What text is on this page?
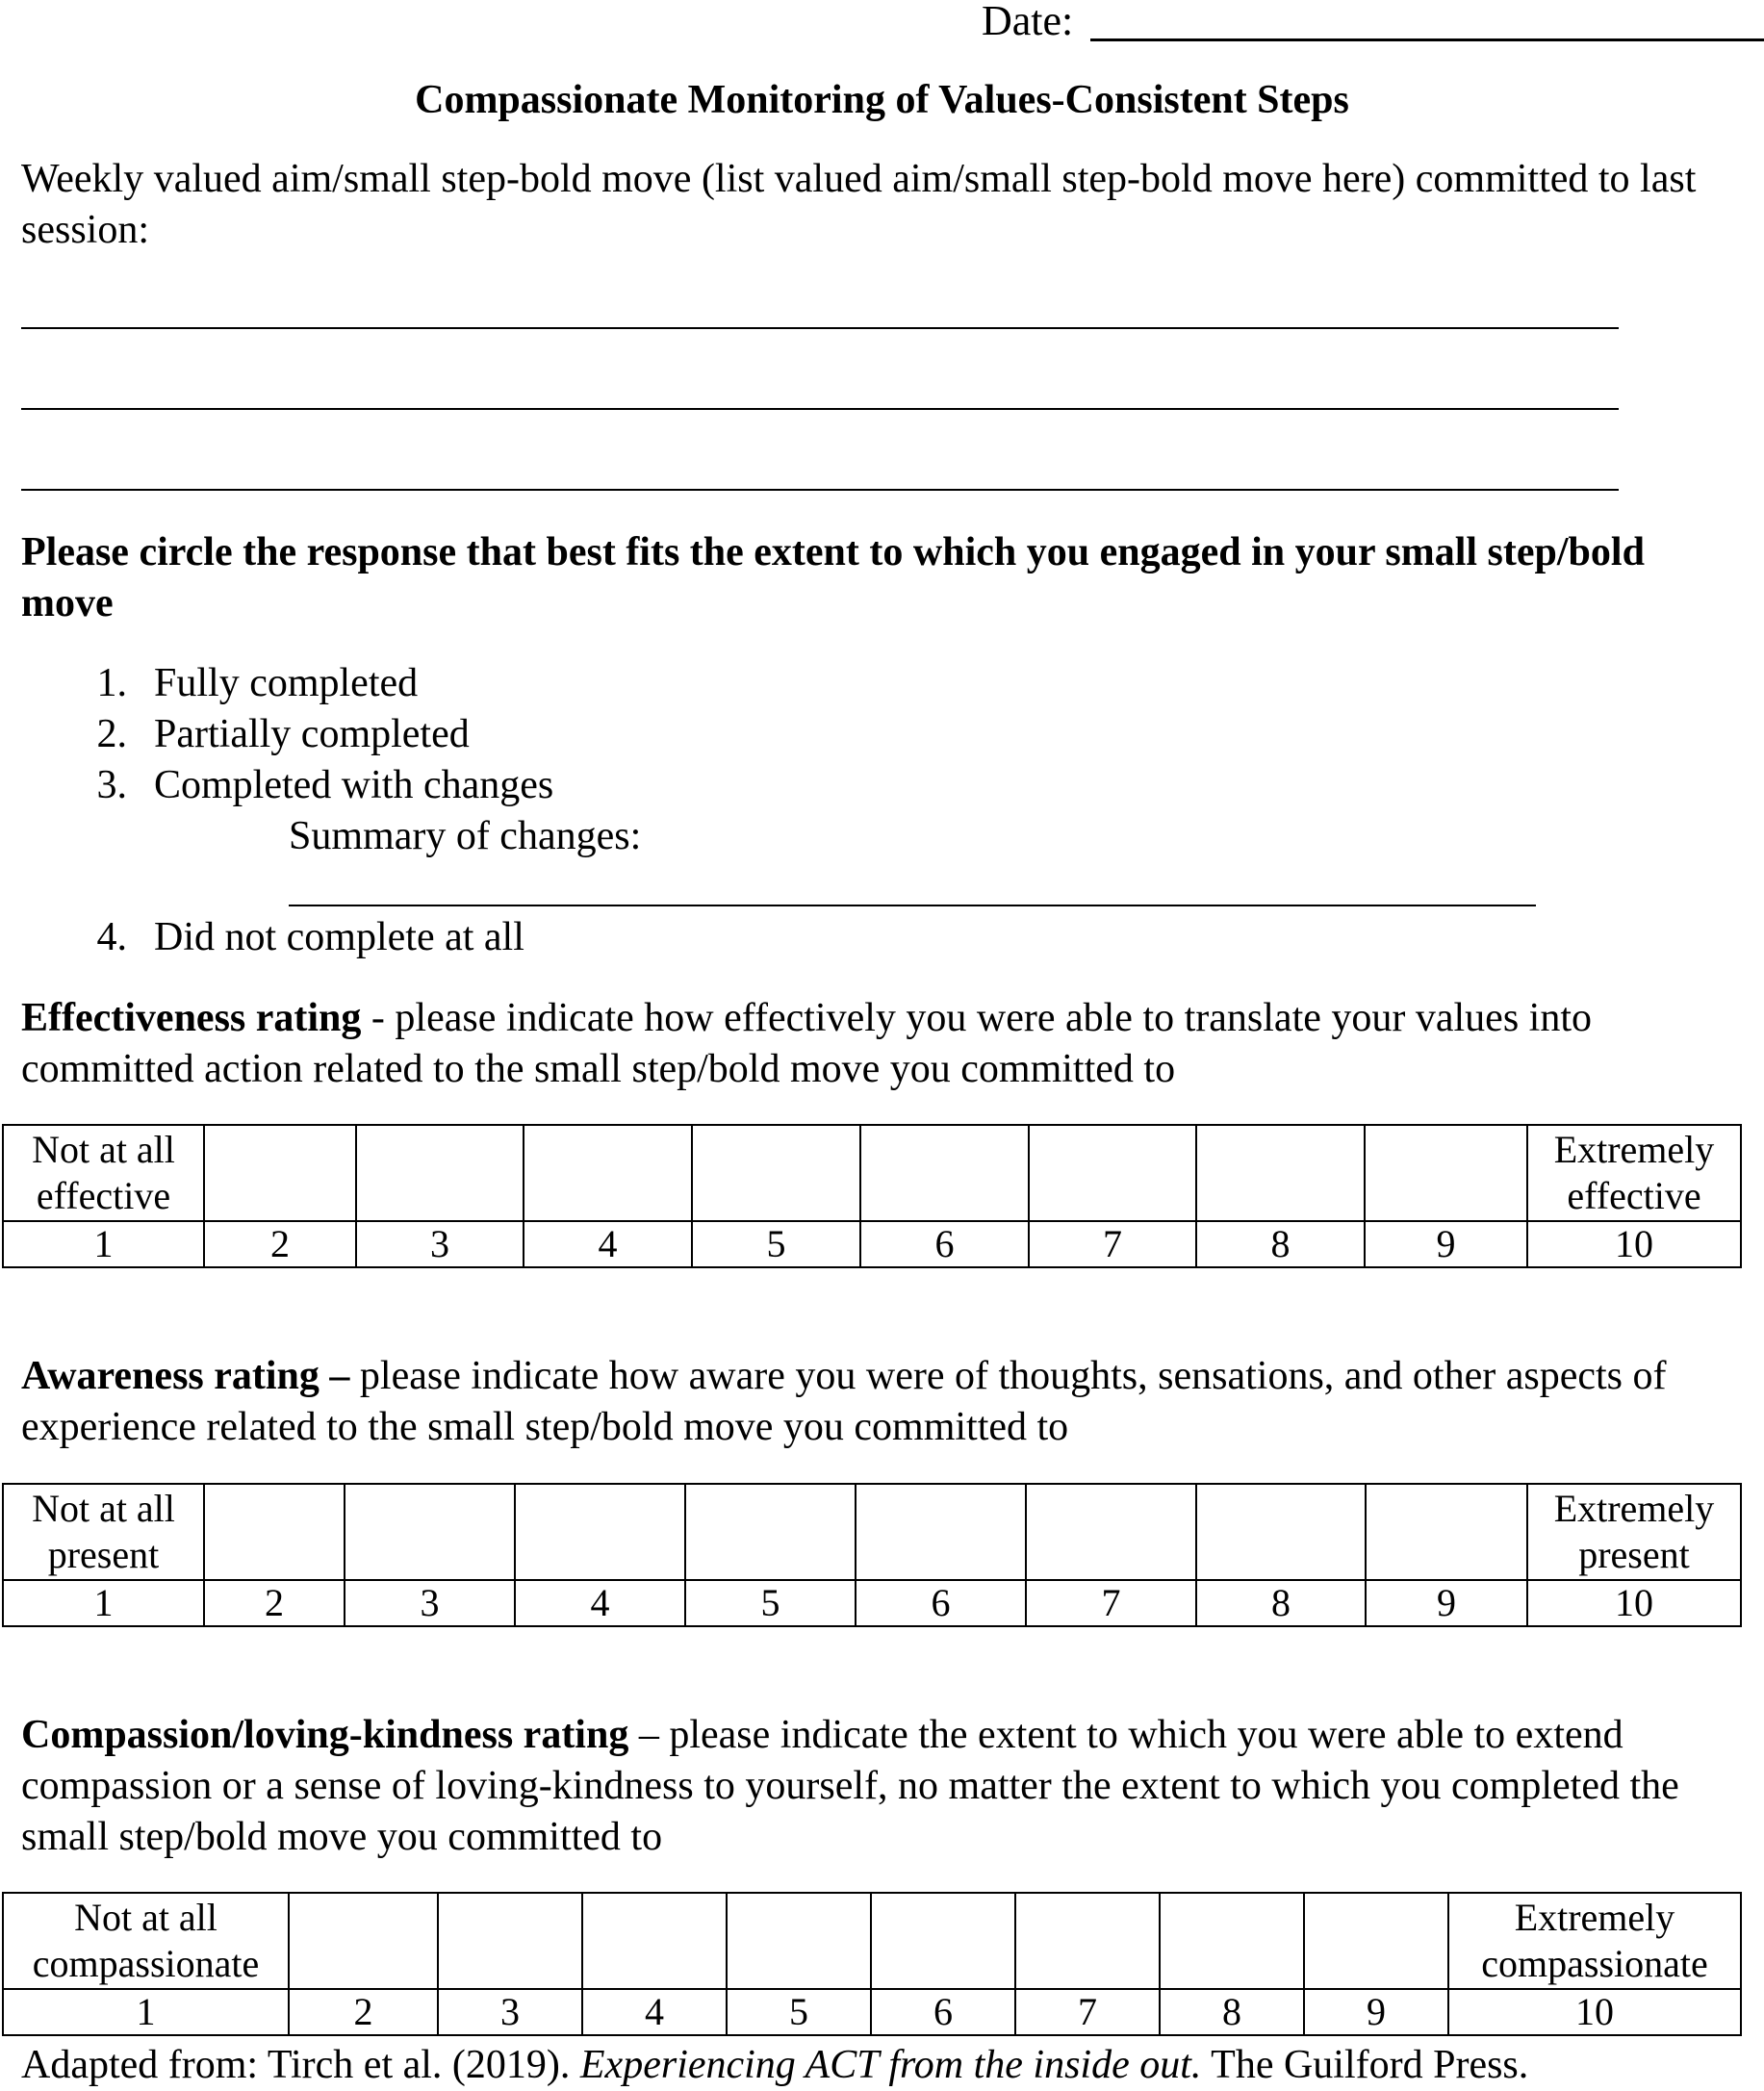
Date:
Compassionate Monitoring of Values-Consistent Steps
Weekly valued aim/small step-bold move (list valued aim/small step-bold move here) committed to last session:
Please circle the response that best fits the extent to which you engaged in your small step/bold move
1. Fully completed
2. Partially completed
3. Completed with changes
Summary of changes:
4. Did not complete at all
Effectiveness rating - please indicate how effectively you were able to translate your values into committed action related to the small step/bold move you committed to
Not at all
effective									Extremely
effective
1	2	3	4	5	6	7	8	9	10
Awareness rating – please indicate how aware you were of thoughts, sensations, and other aspects of experience related to the small step/bold move you committed to
Not at all
present									Extremely
present
1	2	3	4	5	6	7	8	9	10
Compassion/loving-kindness rating – please indicate the extent to which you were able to extend compassion or a sense of loving-kindness to yourself, no matter the extent to which you completed the small step/bold move you committed to
Not at all
compassionate									Extremely
compassionate
1	2	3	4	5	6	7	8	9	10
Adapted from: Tirch et al. (2019). Experiencing ACT from the inside out. The Guilford Press.
